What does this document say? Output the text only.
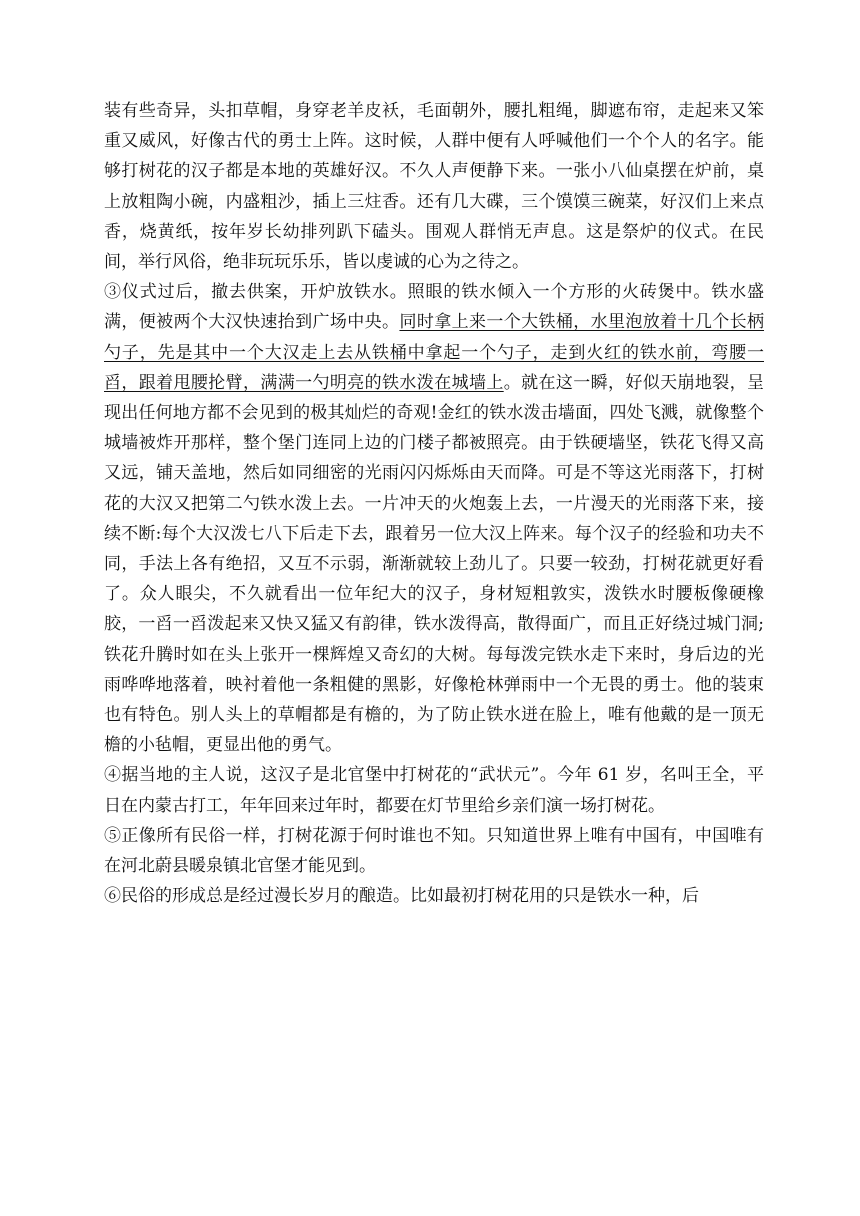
装有些奇异，头扣草帽，身穿老羊皮袄，毛面朝外，腰扎粗绳，脚遮布帘，走起来又笨重又威风，好像古代的勇士上阵。这时候，人群中便有人呼喊他们一个个人的名字。能够打树花的汉子都是本地的英雄好汉。不久人声便静下来。一张小八仙桌摆在炉前，桌上放粗陶小碗，内盛粗沙，插上三炷香。还有几大碟，三个馍馍三碗菜，好汉们上来点香，烧黄纸，按年岁长幼排列趴下磕头。围观人群悄无声息。这是祭炉的仪式。在民间，举行风俗，绝非玩玩乐乐，皆以虔诚的心为之待之。

③仪式过后，撤去供案，开炉放铁水。照眼的铁水倾入一个方形的火砖煲中。铁水盛满，便被两个大汉快速抬到广场中央。同时拿上来一个大铁桶，水里泡放着十几个长柄勺子，先是其中一个大汉走上去从铁桶中拿起一个勺子，走到火红的铁水前，弯腰一舀，跟着甩腰抡臂，满满一勺明亮的铁水泼在城墙上。就在这一瞬，好似天崩地裂，呈现出任何地方都不会见到的极其灿烂的奇观!金红的铁水泼击墙面，四处飞溅，就像整个城墙被炸开那样，整个堡门连同上边的门楼子都被照亮。由于铁硬墙坚，铁花飞得又高又远，铺天盖地，然后如同细密的光雨闪闪烁烁由天而降。可是不等这光雨落下，打树花的大汉又把第二勺铁水泼上去。一片冲天的火炮轰上去，一片漫天的光雨落下来，接续不断:每个大汉泼七八下后走下去，跟着另一位大汉上阵来。每个汉子的经验和功夫不同，手法上各有绝招，又互不示弱，渐渐就较上劲儿了。只要一较劲，打树花就更好看了。众人眼尖，不久就看出一位年纪大的汉子，身材短粗敦实，泼铁水时腰板像硬橡胶，一舀一舀泼起来又快又猛又有韵律，铁水泼得高，散得面广，而且正好绕过城门洞;铁花升腾时如在头上张开一棵辉煌又奇幻的大树。每每泼完铁水走下来时，身后边的光雨哗哗地落着，映衬着他一条粗健的黑影，好像枪林弹雨中一个无畏的勇士。他的装束也有特色。别人头上的草帽都是有檐的，为了防止铁水迸在脸上，唯有他戴的是一顶无檐的小毡帽，更显出他的勇气。

④据当地的主人说，这汉子是北官堡中打树花的“武状元”。今年 61 岁，名叫王全，平日在内蒙古打工，年年回来过年时，都要在灯节里给乡亲们演一场打树花。

⑤正像所有民俗一样，打树花源于何时谁也不知。只知道世界上唯有中国有，中国唯有在河北蔚县暖泉镇北官堡才能见到。

⑥民俗的形成总是经过漫长岁月的酿造。比如最初打树花用的只是铁水一种，后
